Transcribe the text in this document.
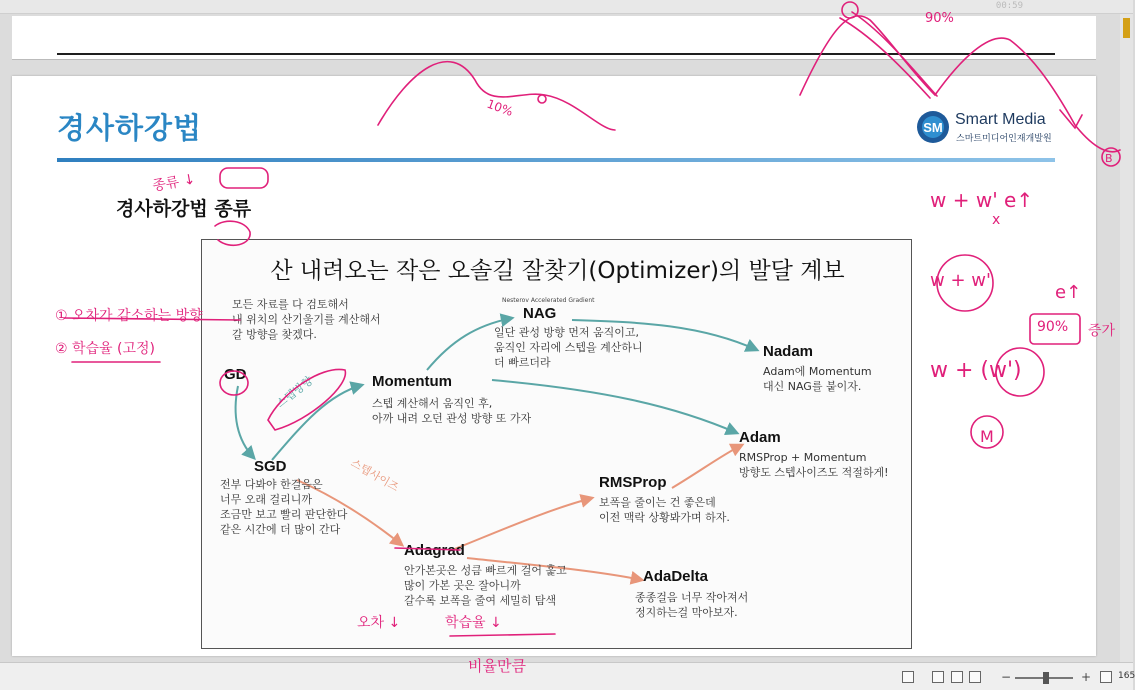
00:59
경사하강법	SM Smart Media
스마트미디어인재개발원
경사하강법 종류
산 내려오는 작은 오솔길 잘찾기(Optimizer)의 발달 계보
스텝방향
스텝사이즈
모든 자료를 다 검토해서
내 위치의 산기울기를 계산해서
갈 방향을 찾겠다.
GD
SGD
전부 다봐야 한걸음은
너무 오래 걸리니까
조금만 보고 빨리 판단한다
같은 시간에 더 많이 간다
Momentum
스텝 계산해서 움직인 후,
아까 내려 오던 관성 방향 또 가자
Nesterov Accelerated Gradient
NAG
일단 관성 방향 먼저 움직이고,
움직인 자리에 스텝을 계산하니
더 빠르더라
Adagrad
안가본곳은 성큼 빠르게 걸어 훑고
많이 가본 곳은 잘아니까
갈수록 보폭을 줄여 세밀히 탐색
RMSProp
보폭을 줄이는 건 좋은데
이전 맥락 상황봐가며 하자.
AdaDelta
종종걸음 너무 작아져서
정지하는걸 막아보자.
Nadam
Adam에 Momentum
대신 NAG를 붙이자.
Adam
RMSProp + Momentum
방향도 스텝사이즈도 적절하게!
−	+	165
10%
90%
B
M
종류 ↓
① 오차가 감소하는 방향
② 학습율 (고정)
w + w' e↑
x
w + w'
e↑
90% 증가
w + (w')
오차 ↓	학습율 ↓
비율만큼
